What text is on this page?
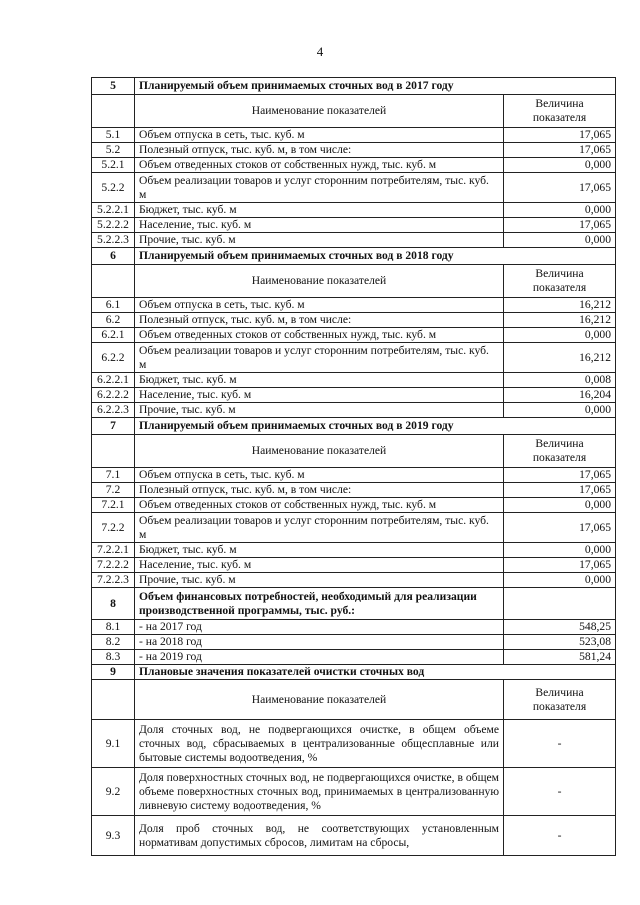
4
5	Планируемый объем принимаемых сточных вод в 2017 году	
	Наименование показателей	Величина показателя
5.1	Объем отпуска в сеть, тыс. куб. м	17,065
5.2	Полезный отпуск, тыс. куб. м, в том числе:	17,065
5.2.1	Объем отведенных стоков от собственных нужд, тыс. куб. м	0,000
5.2.2	Объем реализации товаров и услуг сторонним потребителям, тыс. куб. м	17,065
5.2.2.1	Бюджет, тыс. куб. м	0,000
5.2.2.2	Население, тыс. куб. м	17,065
5.2.2.3	Прочие, тыс. куб. м	0,000
6	Планируемый объем принимаемых сточных вод в 2018 году	
	Наименование показателей	Величина показателя
6.1	Объем отпуска в сеть, тыс. куб. м	16,212
6.2	Полезный отпуск, тыс. куб. м, в том числе:	16,212
6.2.1	Объем отведенных стоков от собственных нужд, тыс. куб. м	0,000
6.2.2	Объем реализации товаров и услуг сторонним потребителям, тыс. куб. м	16,212
6.2.2.1	Бюджет, тыс. куб. м	0,008
6.2.2.2	Население, тыс. куб. м	16,204
6.2.2.3	Прочие, тыс. куб. м	0,000
7	Планируемый объем принимаемых сточных вод в 2019 году	
	Наименование показателей	Величина показателя
7.1	Объем отпуска в сеть, тыс. куб. м	17,065
7.2	Полезный отпуск, тыс. куб. м, в том числе:	17,065
7.2.1	Объем отведенных стоков от собственных нужд, тыс. куб. м	0,000
7.2.2	Объем реализации товаров и услуг сторонним потребителям, тыс. куб. м	17,065
7.2.2.1	Бюджет, тыс. куб. м	0,000
7.2.2.2	Население, тыс. куб. м	17,065
7.2.2.3	Прочие, тыс. куб. м	0,000
8	Объем финансовых потребностей, необходимый для реализации производственной программы, тыс. руб.:	
8.1	- на 2017 год	548,25
8.2	- на 2018 год	523,08
8.3	- на 2019 год	581,24
9	Плановые значения показателей очистки сточных вод	
	Наименование показателей	Величина показателя
9.1	Доля сточных вод, не подвергающихся очистке, в общем объеме сточных вод, сбрасываемых в централизованные общесплавные или бытовые системы водоотведения, %	-
9.2	Доля поверхностных сточных вод, не подвергающихся очистке, в общем объеме поверхностных сточных вод, принимаемых в централизованную ливневую систему водоотведения, %	-
9.3	Доля проб сточных вод, не соответствующих установленным нормативам допустимых сбросов, лимитам на сбросы,	-
